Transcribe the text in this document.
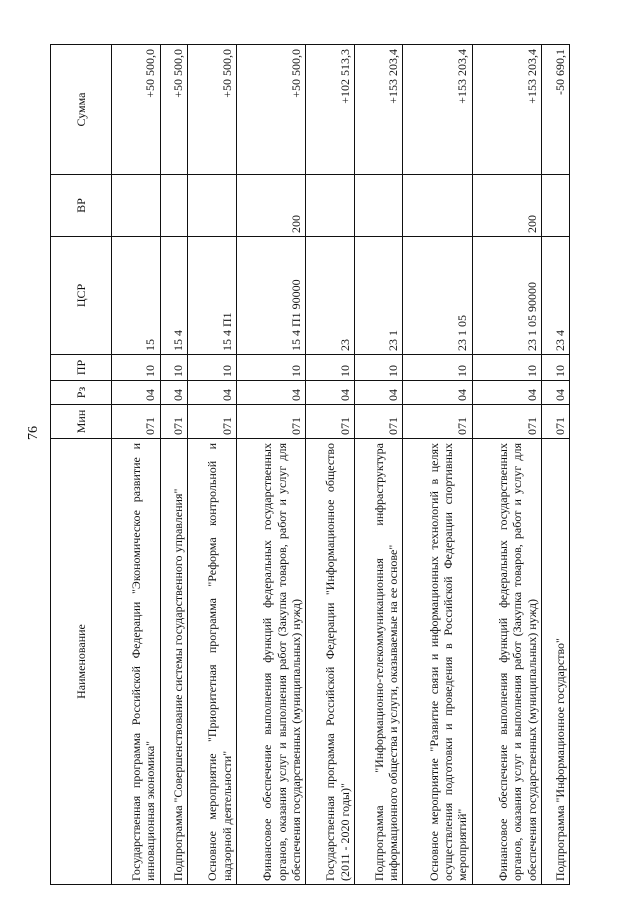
76
Наименование	Мин	Рз	ПР	ЦСР	ВР	Сумма
Государственная программа Российской Федерации "Экономическое развитие и инновационная экономика"	071	04	10	15		+50 500,0
Подпрограмма "Совершенствование системы государственного управления"	071	04	10	15 4		+50 500,0
Основное мероприятие "Приоритетная программа "Реформа контрольной и надзорной деятельности"	071	04	10	15 4 П1		+50 500,0
Финансовое обеспечение выполнения функций федеральных государственных органов, оказания услуг и выполнения работ (Закупка товаров, работ и услуг для обеспечения государственных (муниципальных) нужд)	071	04	10	15 4 П1 90000	200	+50 500,0
Государственная программа Российской Федерации "Информационное общество (2011 - 2020 годы)"	071	04	10	23		+102 513,3
Подпрограмма "Информационно-телекоммуникационная инфраструктура информационного общества и услуги, оказываемые на ее основе"	071	04	10	23 1		+153 203,4
Основное мероприятие "Развитие связи и информационных технологий в целях осуществления подготовки и проведения в Российской Федерации спортивных мероприятий"	071	04	10	23 1 05		+153 203,4
Финансовое обеспечение выполнения функций федеральных государственных органов, оказания услуг и выполнения работ (Закупка товаров, работ и услуг для обеспечения государственных (муниципальных) нужд)	071	04	10	23 1 05 90000	200	+153 203,4
Подпрограмма "Информационное государство"	071	04	10	23 4		-50 690,1
